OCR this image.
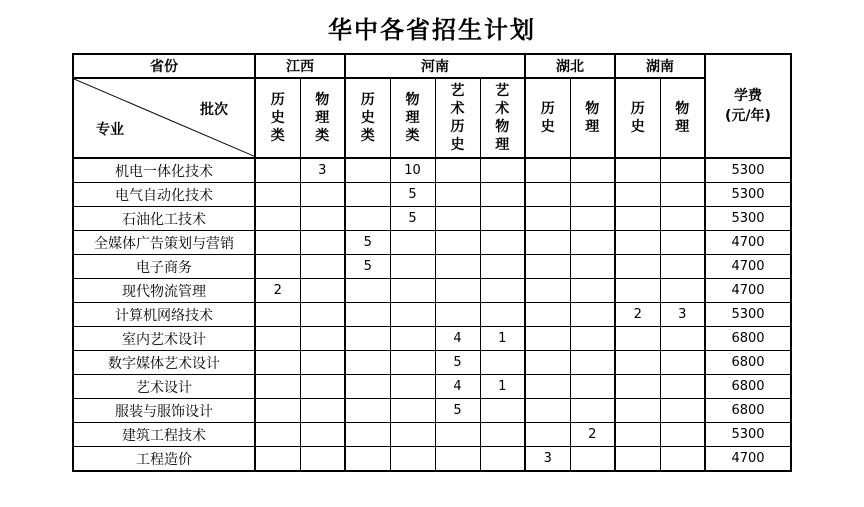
华中各省招生计划
省份	江西		河南				湖北		湖南		学费
(元/年)

批次
专业	历史类	物理类	历史类	物理类	艺术历史	艺术物理	历史	物理	历史	物理	
机电一体化技术		3		10							5300
电气自动化技术				5							5300
石油化工技术				5							5300
全媒体广告策划与营销			5								4700
电子商务			5								4700
现代物流管理	2										4700
计算机网络技术									2	3	5300
室内艺术设计					4	1					6800
数字媒体艺术设计					5						6800
艺术设计					4	1					6800
服装与服饰设计					5						6800
建筑工程技术								2			5300
工程造价							3				4700
